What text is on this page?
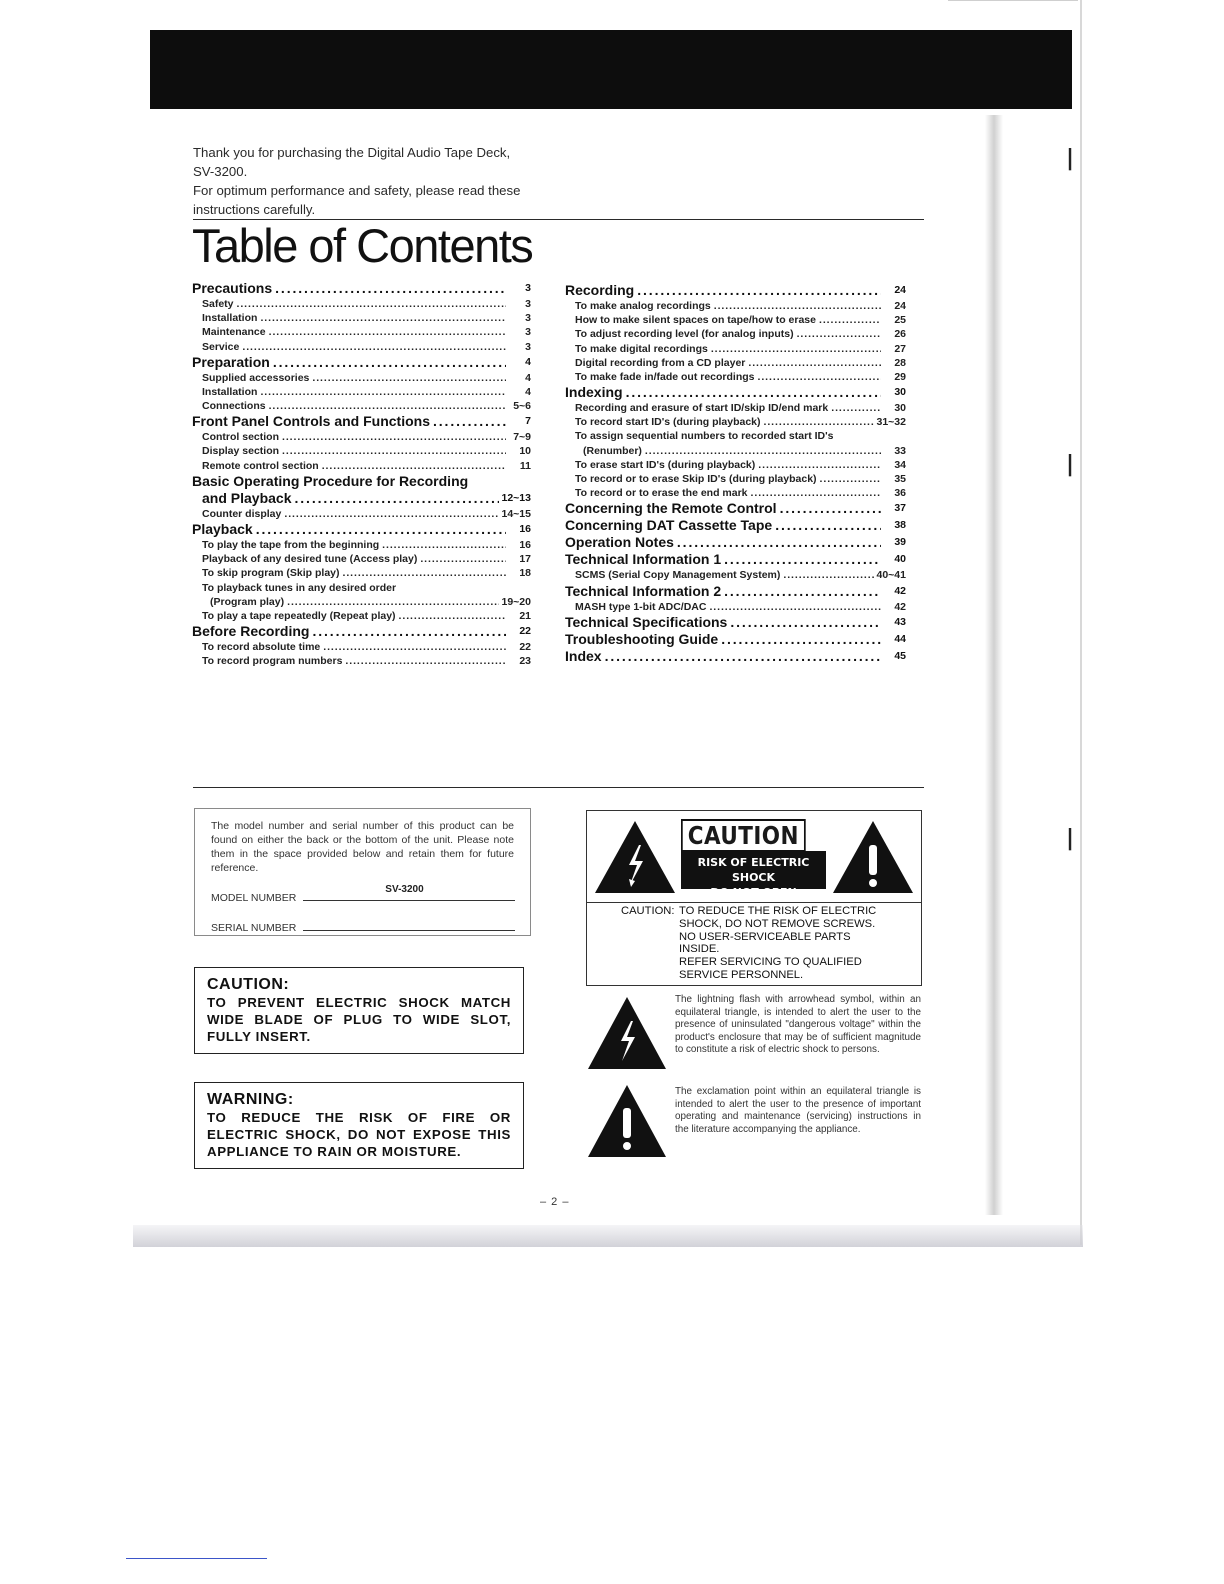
|
|
|

Thank you for purchasing the Digital Audio Tape Deck,

SV-3200.

For optimum performance and safety, please read these

instructions carefully.

Table of Contents
Precautions . . .	3
Safety . . .	3
Installation . . .	3
Maintenance . . .	3
Service . . .	3
Preparation . . .	4
Supplied accessories . . .	4
Installation . . .	4
Connections . . .	5~6
Front Panel Controls and Functions . . .	7
Control section . . .	7~9
Display section . . .	10
Remote control section . . .	11
Basic Operating Procedure for Recording
and Playback . . .	12~13
Counter display . . .	14~15
Playback . . .	16
To play the tape from the beginning . . .	16
Playback of any desired tune (Access play) . . .	17
To skip program (Skip play) . . .	18
To playback tunes in any desired order
(Program play) . . .	19~20
To play a tape repeatedly (Repeat play) . . .	21
Before Recording . . .	22
To record absolute time . . .	22
To record program numbers . . .	23
Recording . . .	24
To make analog recordings . . .	24
How to make silent spaces on tape/how to erase . . .	25
To adjust recording level (for analog inputs) . . .	26
To make digital recordings . . .	27
Digital recording from a CD player . . .	28
To make fade in/fade out recordings . . .	29
Indexing . . .	30
Recording and erasure of start ID/skip ID/end mark . . .	30
To record start ID's (during playback) . . .	31~32
To assign sequential numbers to recorded start ID's
(Renumber) . . .	33
To erase start ID's (during playback) . . .	34
To record or to erase Skip ID's (during playback) . . .	35
To record or to erase the end mark . . .	36
Concerning the Remote Control . . .	37
Concerning DAT Cassette Tape . . .	38
Operation Notes . . .	39
Technical Information 1 . . .	40
SCMS (Serial Copy Management System) . . .	40~41
Technical Information 2 . . .	42
MASH type 1-bit ADC/DAC . . .	42
Technical Specifications . . .	43
Troubleshooting Guide . . .	44
Index . . .	45

The model number and serial number of this product can be found on either the back or the bottom of the unit. Please note them in the space provided below and retain them for future reference.

MODEL NUMBER
SV-3200
SERIAL NUMBER
CAUTION:
TO PREVENT ELECTRIC SHOCK MATCH WIDE BLADE OF PLUG TO WIDE SLOT, FULLY INSERT.
WARNING:
TO REDUCE THE RISK OF FIRE OR ELECTRIC SHOCK, DO NOT EXPOSE THIS APPLIANCE TO RAIN OR MOISTURE.
CAUTION
RISK OF ELECTRIC SHOCK
DO NOT OPEN
CAUTION: TO REDUCE THE RISK OF ELECTRIC
SHOCK, DO NOT REMOVE SCREWS.
NO USER-SERVICEABLE PARTS
INSIDE.
REFER SERVICING TO QUALIFIED
SERVICE PERSONNEL.
The lightning flash with arrowhead symbol, within an equilateral triangle, is intended to alert the user to the presence of uninsulated "dangerous voltage" within the product's enclosure that may be of sufficient magnitude to constitute a risk of electric shock to persons.
The exclamation point within an equilateral triangle is intended to alert the user to the presence of important operating and maintenance (servicing) instructions in the literature accompanying the appliance.
– 2 –
